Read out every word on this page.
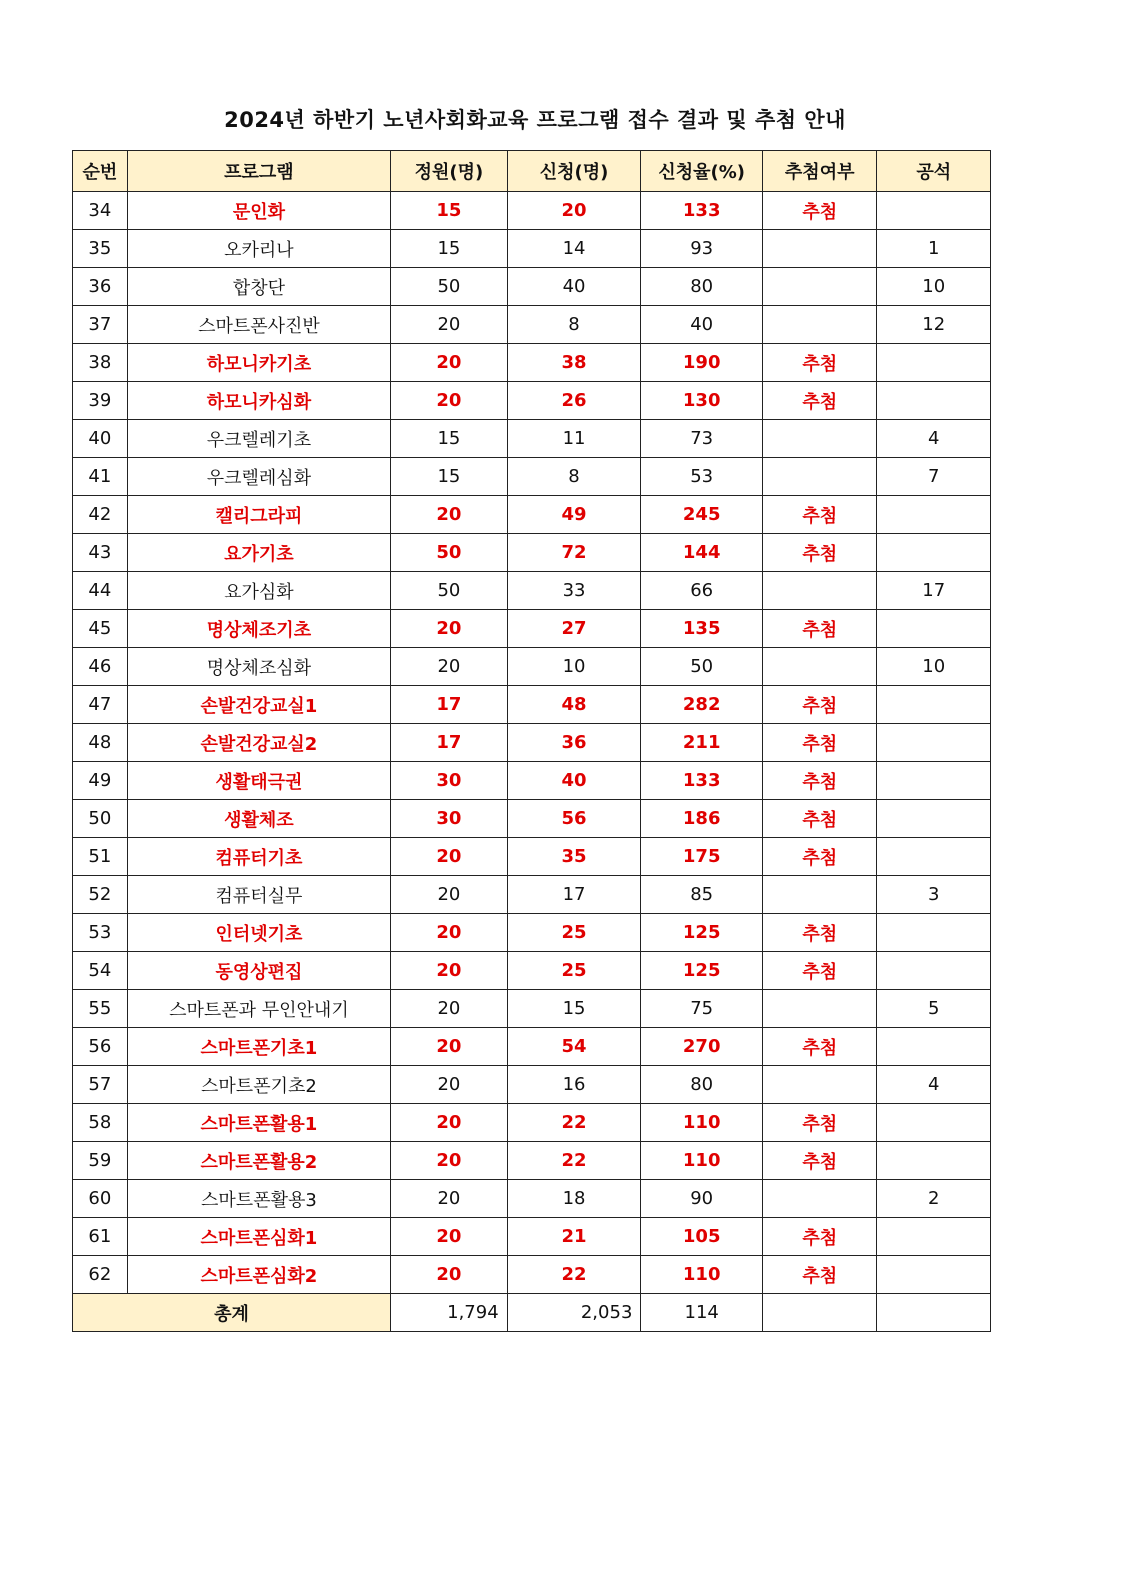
2024년 하반기 노년사회화교육 프로그램 접수 결과 및 추첨 안내
순번	프로그램	정원(명)	신청(명)	신청율(%)	추첨여부	공석
34	문인화	15	20	133	추첨	
35	오카리나	15	14	93		1
36	합창단	50	40	80		10
37	스마트폰사진반	20	8	40		12
38	하모니카기초	20	38	190	추첨	
39	하모니카심화	20	26	130	추첨	
40	우크렐레기초	15	11	73		4
41	우크렐레심화	15	8	53		7
42	캘리그라피	20	49	245	추첨	
43	요가기초	50	72	144	추첨	
44	요가심화	50	33	66		17
45	명상체조기초	20	27	135	추첨	
46	명상체조심화	20	10	50		10
47	손발건강교실1	17	48	282	추첨	
48	손발건강교실2	17	36	211	추첨	
49	생활태극권	30	40	133	추첨	
50	생활체조	30	56	186	추첨	
51	컴퓨터기초	20	35	175	추첨	
52	컴퓨터실무	20	17	85		3
53	인터넷기초	20	25	125	추첨	
54	동영상편집	20	25	125	추첨	
55	스마트폰과 무인안내기	20	15	75		5
56	스마트폰기초1	20	54	270	추첨	
57	스마트폰기초2	20	16	80		4
58	스마트폰활용1	20	22	110	추첨	
59	스마트폰활용2	20	22	110	추첨	
60	스마트폰활용3	20	18	90		2
61	스마트폰심화1	20	21	105	추첨	
62	스마트폰심화2	20	22	110	추첨	
총계		1,794	2,053	114		
